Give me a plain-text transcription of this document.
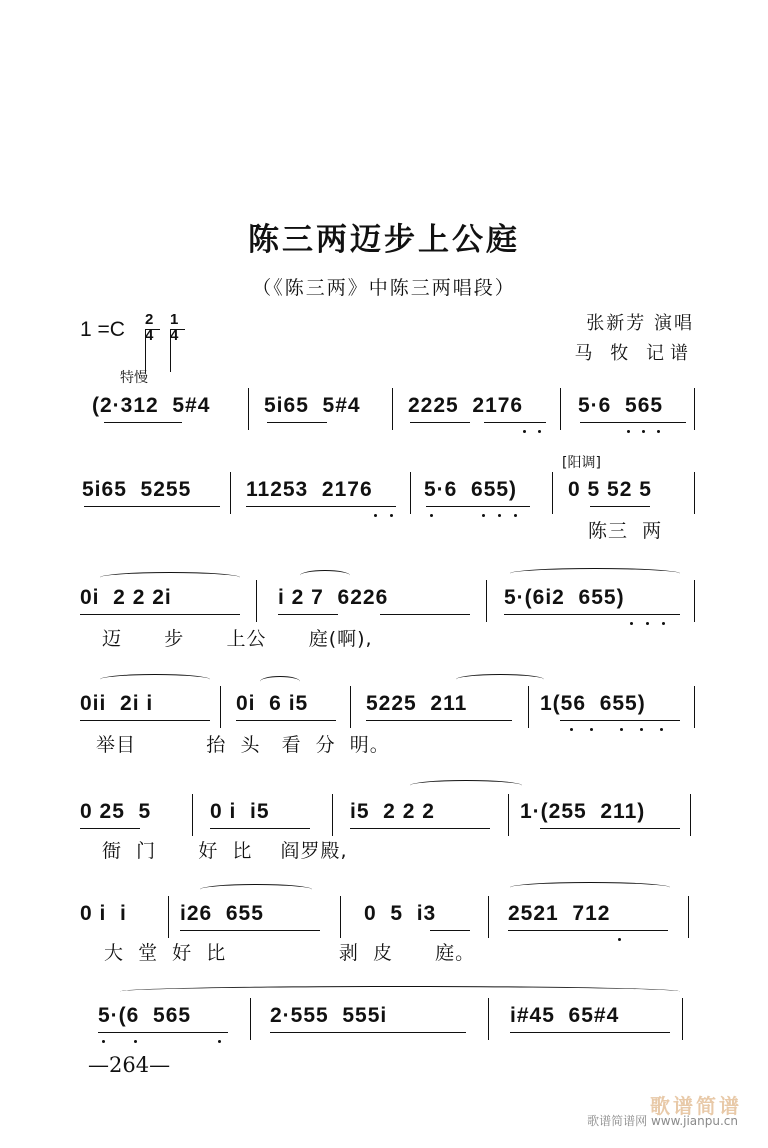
陈三两迈步上公庭
（《陈三两》中陈三两唱段）
1 =C 2
4
1
4
张新芳 演唱
马 牧 记谱
特慢
[阳调]
(2·312  5#4	5i65  5#4 2225  2176	5·6  565
5i65  5255	11253  2176 5·6  655) 0 5 52 5
陈三  两
0i  2 2 2i	i 2 7  6226	5·(6i2  655)
迈      步      上公      庭(啊),
0ii  2i i	0i  6 i5	5225  211	1(56  655)
举目          抬  头   看  分  明。
0 25  5	0 i  i5	i5  2 2 2	1·(255  211)
衙  门      好  比    阎罗殿,
0 i  i	i26  655	0  5  i3	2521  712
大  堂  好  比                剥  皮      庭。
5·(6  565	2·555  555i	i#45  65#4
—264—
歌谱简谱
歌谱简谱网 www.jianpu.cn
